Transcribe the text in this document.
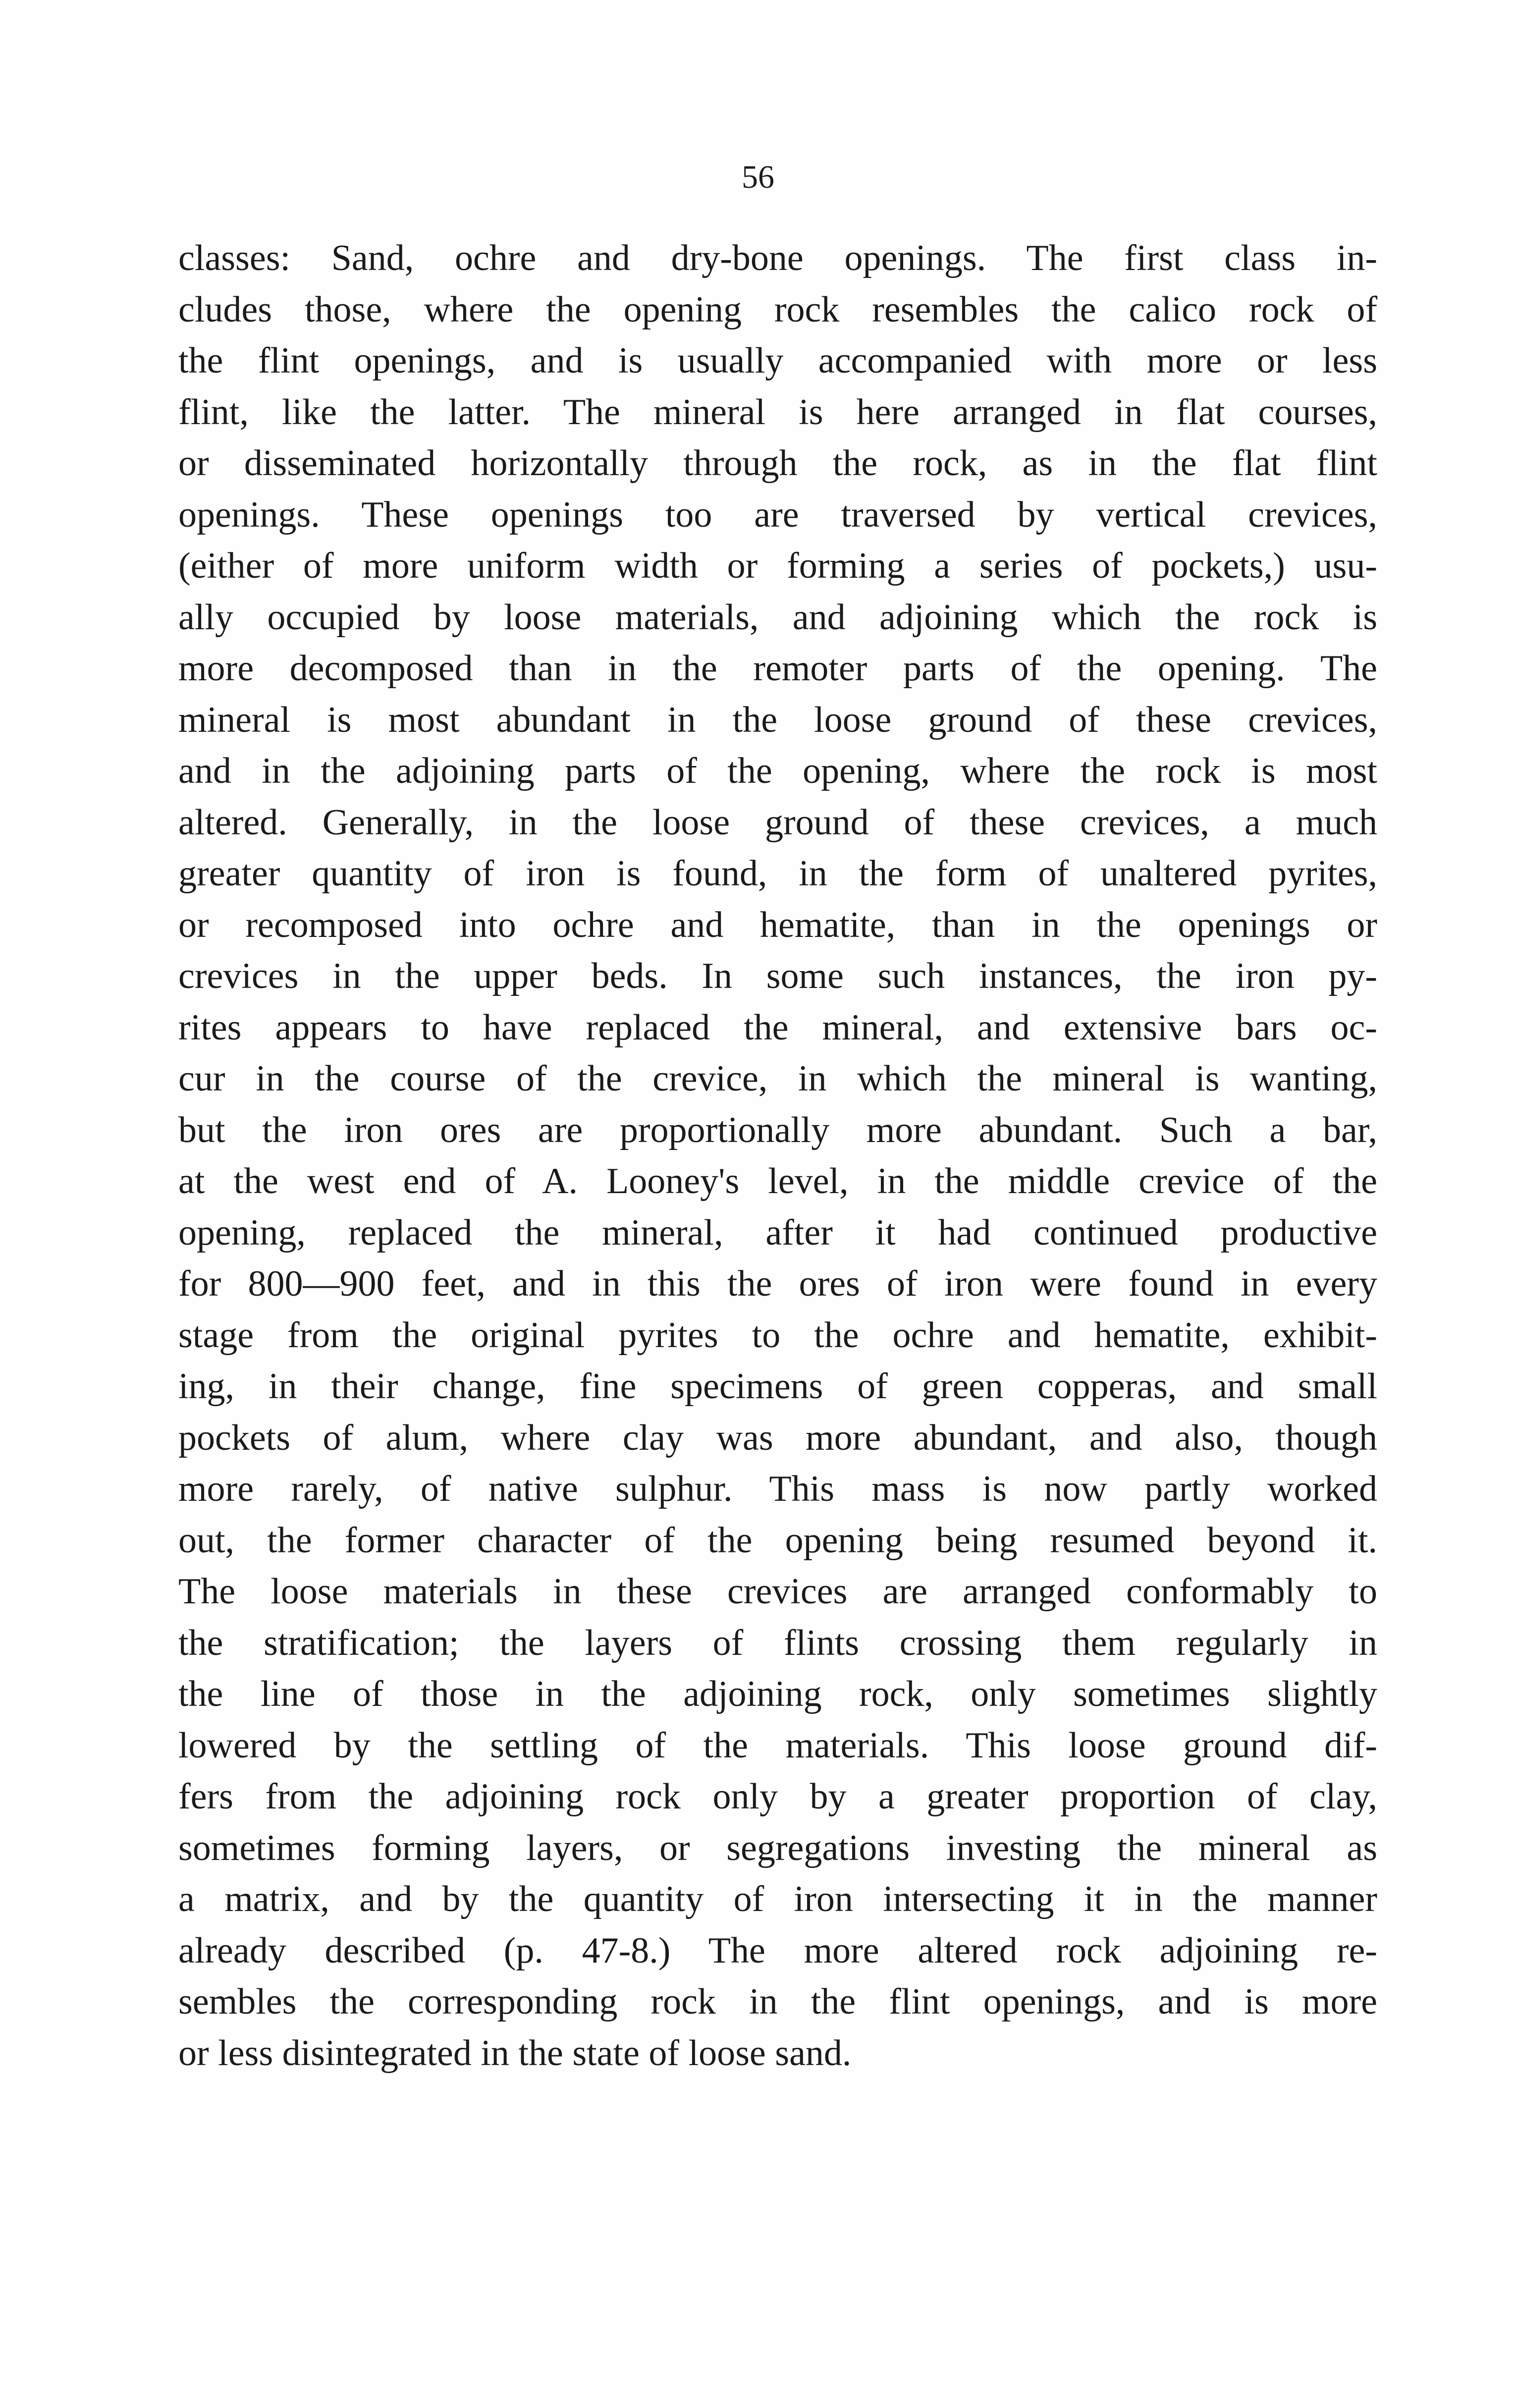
56
classes: Sand, ochre and dry-bone openings. The first class in-
cludes those, where the opening rock resembles the calico rock of
the flint openings, and is usually accompanied with more or less
flint, like the latter. The mineral is here arranged in flat courses,
or disseminated horizontally through the rock, as in the flat flint
openings. These openings too are traversed by vertical crevices,
(either of more uniform width or forming a series of pockets,) usu-
ally occupied by loose materials, and adjoining which the rock is
more decomposed than in the remoter parts of the opening. The
mineral is most abundant in the loose ground of these crevices,
and in the adjoining parts of the opening, where the rock is most
altered. Generally, in the loose ground of these crevices, a much
greater quantity of iron is found, in the form of unaltered pyrites,
or recomposed into ochre and hematite, than in the openings or
crevices in the upper beds. In some such instances, the iron py-
rites appears to have replaced the mineral, and extensive bars oc-
cur in the course of the crevice, in which the mineral is wanting,
but the iron ores are proportionally more abundant. Such a bar,
at the west end of A. Looney's level, in the middle crevice of the
opening, replaced the mineral, after it had continued productive
for 800—900 feet, and in this the ores of iron were found in every
stage from the original pyrites to the ochre and hematite, exhibit-
ing, in their change, fine specimens of green copperas, and small
pockets of alum, where clay was more abundant, and also, though
more rarely, of native sulphur. This mass is now partly worked
out, the former character of the opening being resumed beyond it.
The loose materials in these crevices are arranged conformably to
the stratification; the layers of flints crossing them regularly in
the line of those in the adjoining rock, only sometimes slightly
lowered by the settling of the materials. This loose ground dif-
fers from the adjoining rock only by a greater proportion of clay,
sometimes forming layers, or segregations investing the mineral as
a matrix, and by the quantity of iron intersecting it in the manner
already described (p. 47-8.) The more altered rock adjoining re-
sembles the corresponding rock in the flint openings, and is more
or less disintegrated in the state of loose sand.
